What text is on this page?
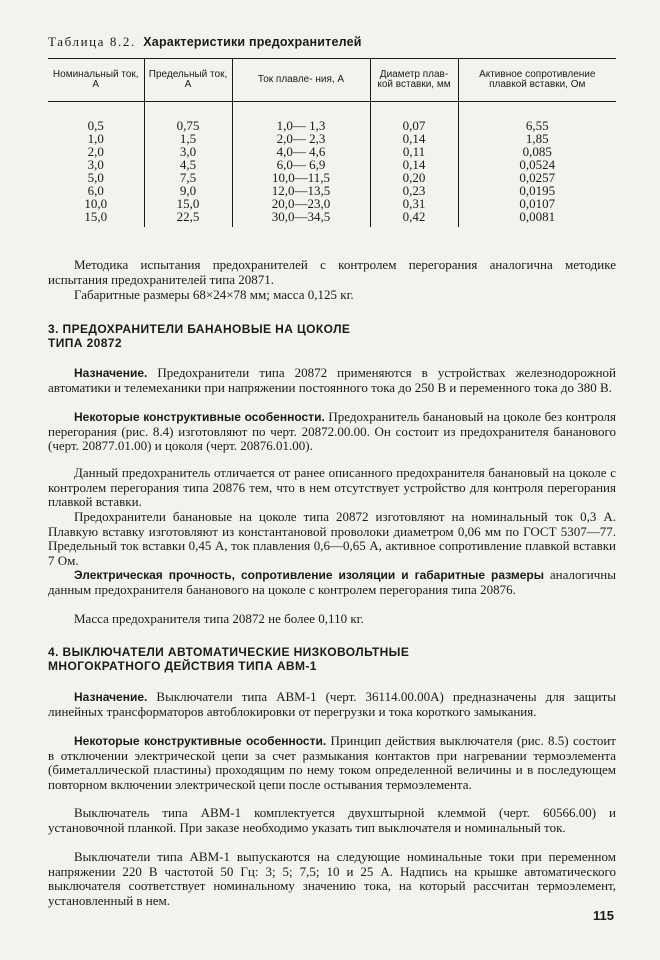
Таблица 8.2. Характеристики предохранителей
Номинальный ток, А	Предельный ток, А	Ток плавле- ния, А	Диаметр плав- кой вставки, мм	Активное сопротивление плавкой вставки, Ом

0,5	0,75	1,0— 1,3	0,07	6,55
1,0	1,5	2,0— 2,3	0,14	1,85
2,0	3,0	4,0— 4,6	0,11	0,085
3,0	4,5	6,0— 6,9	0,14	0,0524
5,0	7,5	10,0—11,5	0,20	0,0257
6,0	9,0	12,0—13,5	0,23	0,0195
10,0	15,0	20,0—23,0	0,31	0,0107
15,0	22,5	30,0—34,5	0,42	0,0081

Методика испытания предохранителей с контролем перегорания аналогична методике испытания предохранителей типа 20871.

Габаритные размеры 68×24×78 мм; масса 0,125 кг.

3. ПРЕДОХРАНИТЕЛИ БАНАНОВЫЕ НА ЦОКОЛЕ
ТИПА 20872

Назначение. Предохранители типа 20872 применяются в устройствах железнодорожной автоматики и телемеханики при напряжении постоянного тока до 250 В и переменного тока до 380 В.

Некоторые конструктивные особенности. Предохранитель банановый на цоколе без контроля перегорания (рис. 8.4) изготовляют по черт. 20872.00.00. Он состоит из предохранителя бананового (черт. 20877.01.00) и цоколя (черт. 20876.01.00).

Данный предохранитель отличается от ранее описанного предохранителя банановый на цоколе с контролем перегорания типа 20876 тем, что в нем отсутствует устройство для контроля перегорания плавкой вставки.

Предохранители банановые на цоколе типа 20872 изготовляют на номинальный ток 0,3 А. Плавкую вставку изготовляют из константановой проволоки диаметром 0,06 мм по ГОСТ 5307—77. Предельный ток вставки 0,45 А, ток плавления 0,6—0,65 А, активное сопротивление плавкой вставки 7 Ом.

Электрическая прочность, сопротивление изоляции и габаритные размеры аналогичны данным предохранителя бананового на цоколе с контролем перегорания типа 20876.

Масса предохранителя типа 20872 не более 0,110 кг.

4. ВЫКЛЮЧАТЕЛИ АВТОМАТИЧЕСКИЕ НИЗКОВОЛЬТНЫЕ
МНОГОКРАТНОГО ДЕЙСТВИЯ ТИПА АВМ-1

Назначение. Выключатели типа АВМ-1 (черт. 36114.00.00А) предназначены для защиты линейных трансформаторов автоблокировки от перегрузки и тока короткого замыкания.

Некоторые конструктивные особенности. Принцип действия выключателя (рис. 8.5) состоит в отключении электрической цепи за счет размыкания контактов при нагревании термоэлемента (биметаллической пластины) проходящим по нему током определенной величины и в последующем повторном включении электрической цепи после остывания термоэлемента.

Выключатель типа АВМ-1 комплектуется двухштырной клеммой (черт. 60566.00) и установочной планкой. При заказе необходимо указать тип выключателя и номинальный ток.

Выключатели типа АВМ-1 выпускаются на следующие номинальные токи при переменном напряжении 220 В частотой 50 Гц: 3; 5; 7,5; 10 и 25 А. Надпись на крышке автоматического выключателя соответствует номинальному значению тока, на который рассчитан термоэлемент, установленный в нем.

115
